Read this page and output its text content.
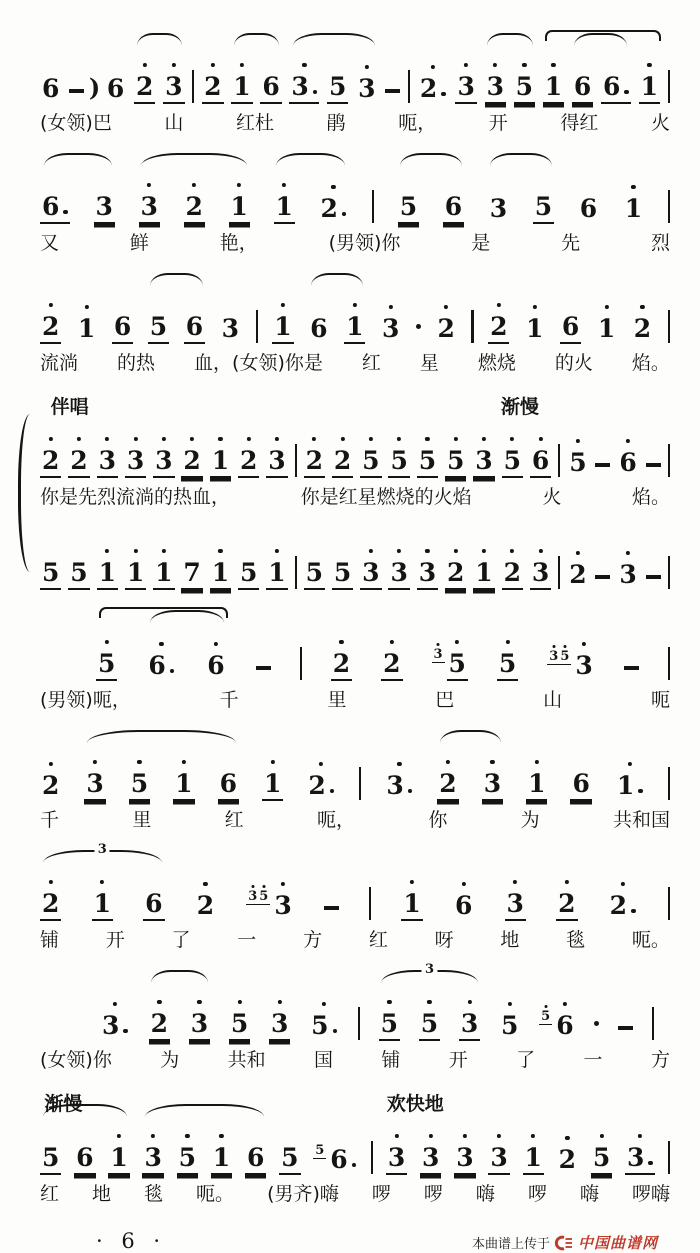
6 ) 6 2 3 2 1 6 3 5 3 2 3 3 5 1 6 6 1
(女领)巴	山	红杜	鹃	呃，	开	得红	火
6	3 3 2 1 1 2	5 6 3 5 6 1
又	鲜	艳，	(男领)你	是	先	烈
2 1 6 5 6 3 1 6 1 3 2 2 1 6 1 2
流淌 的热 血，(女领)你是 红 星 燃烧 的火 焰。
伴唱	渐慢
2 2 3 3 3 2 1 2 3 2 2 5 5 5 5 3 5 6 5 6
你是先烈流淌的热血，	你是红星燃烧的火焰	火	焰。
5 5 1 1 1 7 1 5 1 5 5 3 3 3 2 1 2 3 2 3
5 6	6	2 2	3 5 5	3 5 3
(男领)呃，	千	里	巴	山	呃
2 3 5 1 6 1 2	3	2 3 1 6 1
千	里	红	呃，	你	为	共和国
2 1 6 2	3 5 3	1 6 3 2 2
3
铺 开 了 一 方 红 呀 地 毯 呃。
3	2 3 5 3 5	5 5 3 5 5 6
3
(女领)你	为	共和	国	铺	开	了	一	方
渐慢	欢快地
5 6 1 3 5 1 6 5 5 6	3 3 3 3 1 2 5 3
红 地 毯 呃。 (男齐)嗨 啰 啰 嗨 啰 嗨 啰嗨
· 6 ·	本曲谱上传于 中国曲谱网
